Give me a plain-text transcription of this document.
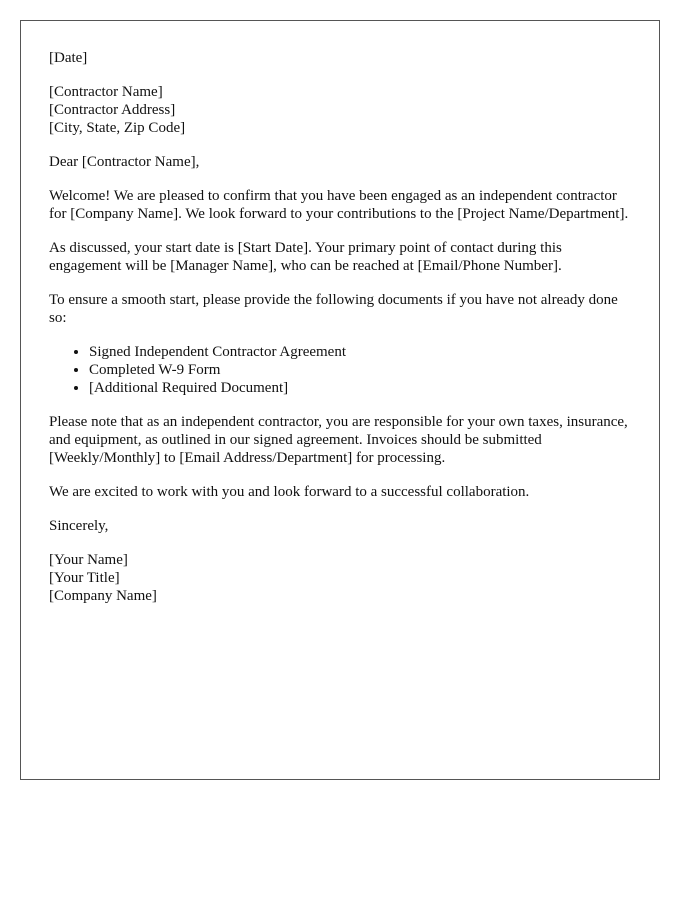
[Date]
[Contractor Name]
[Contractor Address]
[City, State, Zip Code]

Dear [Contractor Name],

Welcome! We are pleased to confirm that you have been engaged as an independent contractor for [Company Name]. We look forward to your contributions to the [Project Name/Department].

As discussed, your start date is [Start Date]. Your primary point of contact during this engagement will be [Manager Name], who can be reached at [Email/Phone Number].

To ensure a smooth start, please provide the following documents if you have not already done so:

• Signed Independent Contractor Agreement
• Completed W-9 Form
• [Additional Required Document]

Please note that as an independent contractor, you are responsible for your own taxes, insurance, and equipment, as outlined in our signed agreement. Invoices should be submitted [Weekly/Monthly] to [Email Address/Department] for processing.

We are excited to work with you and look forward to a successful collaboration.

Sincerely,

[Your Name]
[Your Title]
[Company Name]
